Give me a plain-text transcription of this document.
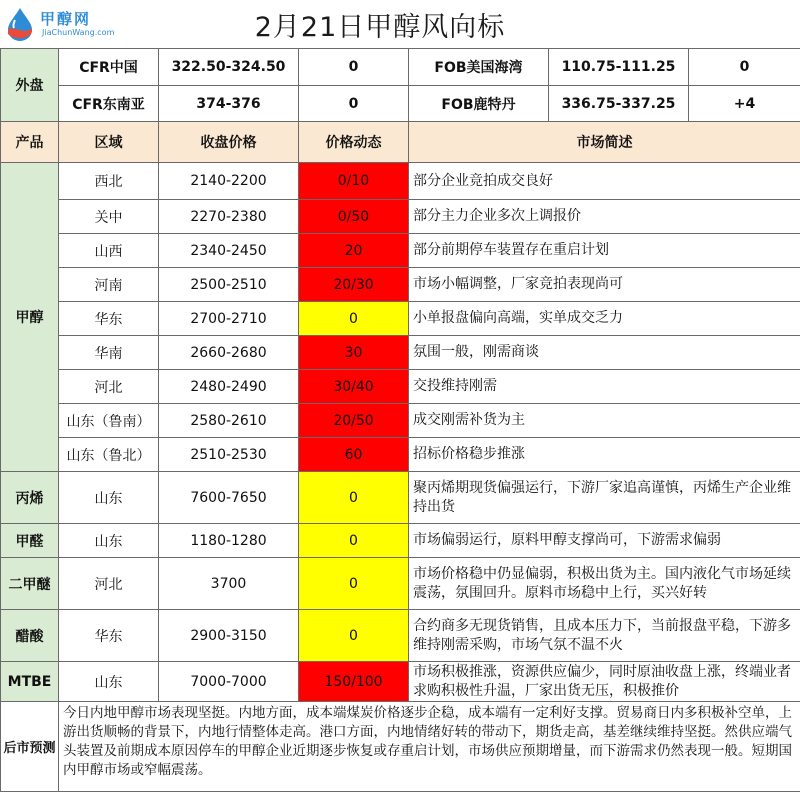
甲醇网
JiaChunWang.com	2月21日甲醇风向标
外盘	CFR中国	322.50-324.50	0	FOB美国海湾	110.75-111.25	0
	CFR东南亚	374-376	0	FOB鹿特丹	336.75-337.25	+4
产品	区域	收盘价格	价格动态	市场简述		
甲醇	西北	2140-2200	0/10	部分企业竞拍成交良好		
	关中	2270-2380	0/50	部分主力企业多次上调报价		
	山西	2340-2450	20	部分前期停车装置存在重启计划		
	河南	2500-2510	20/30	市场小幅调整，厂家竞拍表现尚可		
	华东	2700-2710	0	小单报盘偏向高端，实单成交乏力		
	华南	2660-2680	30	氛围一般，刚需商谈		
	河北	2480-2490	30/40	交投维持刚需		
	山东（鲁南）	2580-2610	20/50	成交刚需补货为主		
	山东（鲁北）	2510-2530	60	招标价格稳步推涨		
丙烯	山东	7600-7650	0	聚丙烯期现货偏强运行，下游厂家追高谨慎，丙烯生产企业维持出货		
甲醛	山东	1180-1280	0	市场偏弱运行，原料甲醇支撑尚可，下游需求偏弱		
二甲醚	河北	3700	0	市场价格稳中仍显偏弱，积极出货为主。国内液化气市场延续震荡，氛围回升。原料市场稳中上行，买兴好转		
醋酸	华东	2900-3150	0	合约商多无现货销售，且成本压力下，当前报盘平稳，下游多维持刚需采购，市场气氛不温不火		
MTBE	山东	7000-7000	150/100	市场积极推涨，资源供应偏少，同时原油收盘上涨，终端业者求购积极性升温，厂家出货无压，积极推价		
后市预测	今日内地甲醇市场表现坚挺。内地方面，成本端煤炭价格逐步企稳，成本端有一定利好支撑。贸易商日内多积极补空单，上游出货顺畅的背景下，内地行情整体走高。港口方面，内地情绪好转的带动下，期货走高，基差继续维持坚挺。然供应端气头装置及前期成本原因停车的甲醇企业近期逐步恢复或存重启计划，市场供应预期增量，而下游需求仍然表现一般。短期国内甲醇市场或窄幅震荡。					
